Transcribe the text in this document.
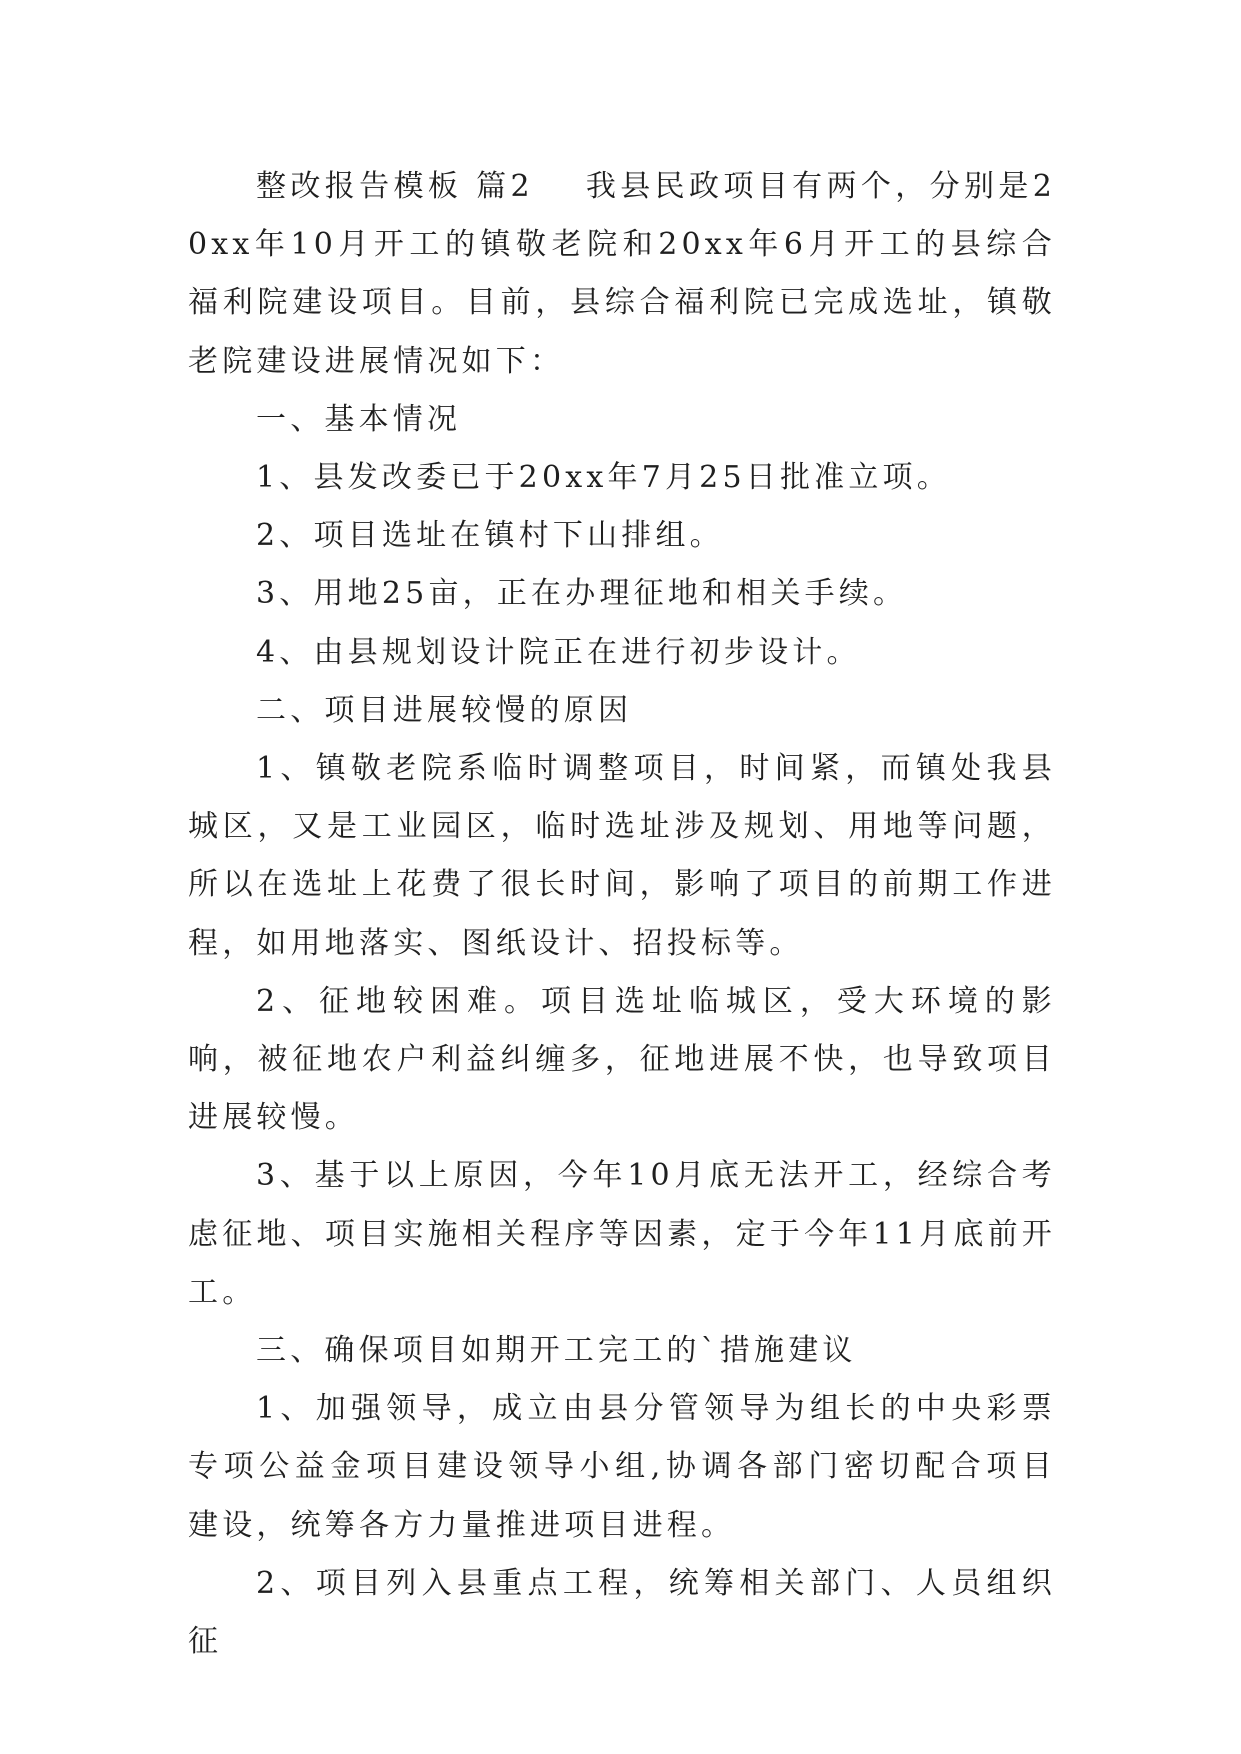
整改报告模板 篇2 我县民政项目有两个，分别是20xx年10月开工的镇敬老院和20xx年6月开工的县综合福利院建设项目。目前，县综合福利院已完成选址，镇敬老院建设进展情况如下：

一、基本情况

1、县发改委已于20xx年7月25日批准立项。

2、项目选址在镇村下山排组。

3、用地25亩，正在办理征地和相关手续。

4、由县规划设计院正在进行初步设计。

二、项目进展较慢的原因

1、镇敬老院系临时调整项目，时间紧，而镇处我县城区，又是工业园区，临时选址涉及规划、用地等问题，所以在选址上花费了很长时间，影响了项目的前期工作进程，如用地落实、图纸设计、招投标等。

2、征地较困难。项目选址临城区，受大环境的影响，被征地农户利益纠缠多，征地进展不快，也导致项目进展较慢。

3、基于以上原因，今年10月底无法开工，经综合考虑征地、项目实施相关程序等因素，定于今年11月底前开工。

三、确保项目如期开工完工的`措施建议

1、加强领导，成立由县分管领导为组长的中央彩票专项公益金项目建设领导小组,协调各部门密切配合项目建设，统筹各方力量推进项目进程。

2、项目列入县重点工程，统筹相关部门、人员组织征
